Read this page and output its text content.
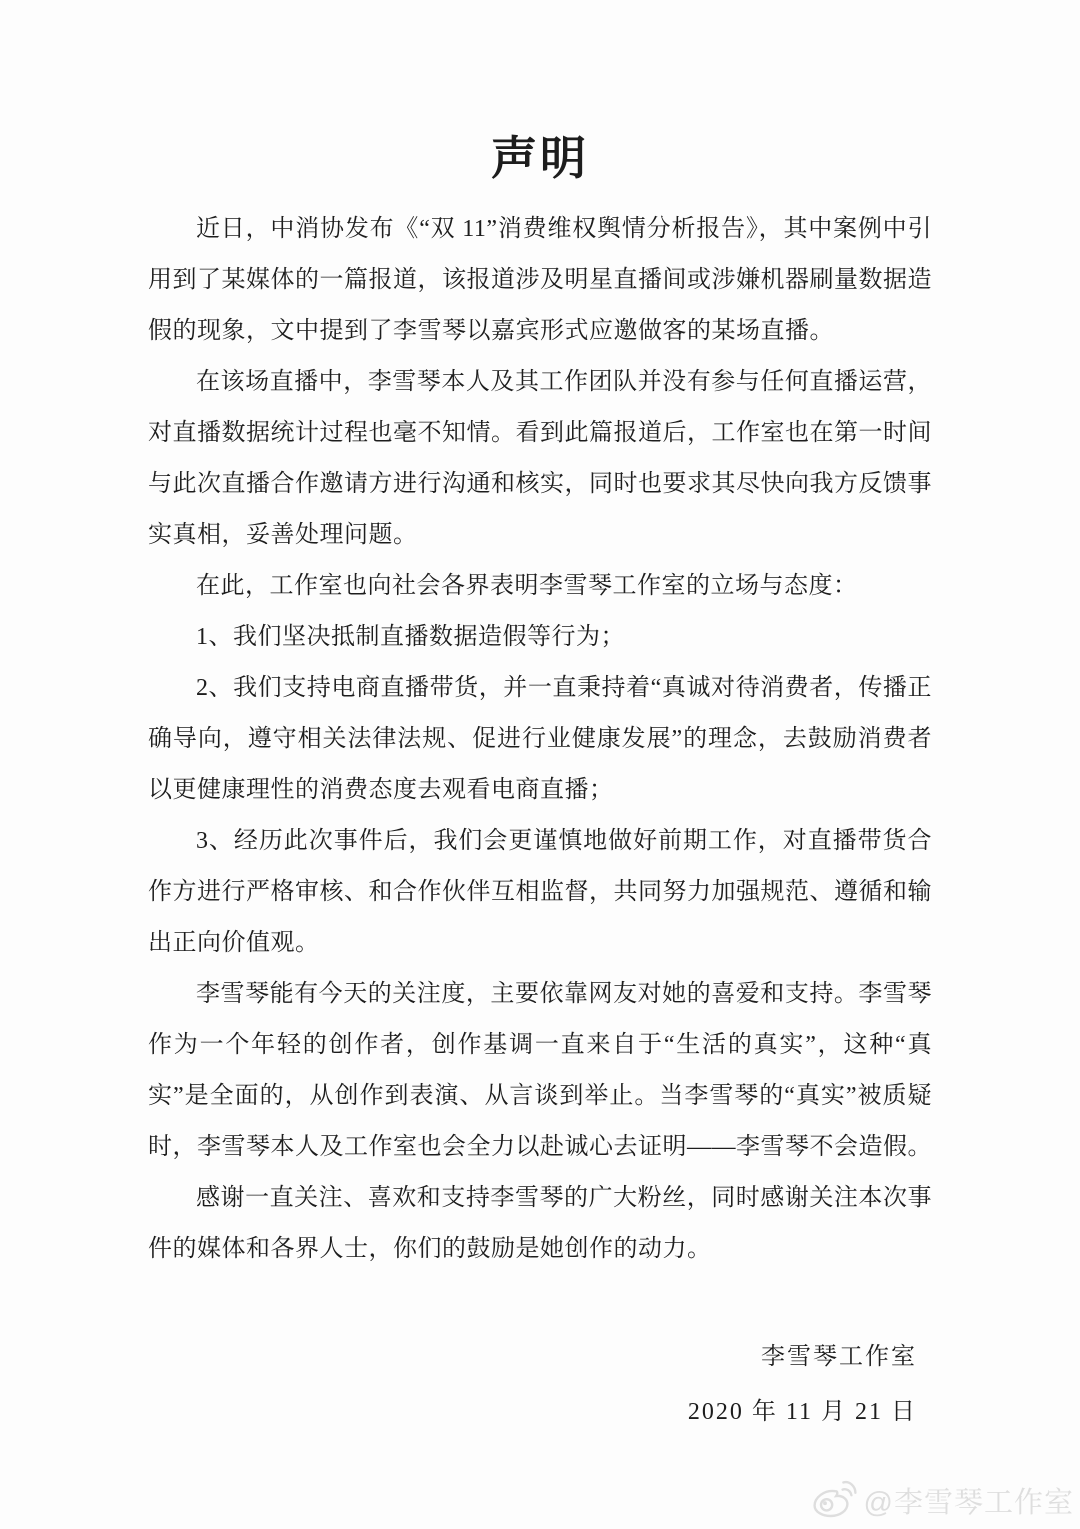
声明

近日，中消协发布《“双 11”消费维权舆情分析报告》，其中案例中引用到了某媒体的一篇报道，该报道涉及明星直播间或涉嫌机器刷量数据造假的现象，文中提到了李雪琴以嘉宾形式应邀做客的某场直播。

在该场直播中，李雪琴本人及其工作团队并没有参与任何直播运营，对直播数据统计过程也毫不知情。看到此篇报道后，工作室也在第一时间与此次直播合作邀请方进行沟通和核实，同时也要求其尽快向我方反馈事实真相，妥善处理问题。

在此，工作室也向社会各界表明李雪琴工作室的立场与态度：

1、我们坚决抵制直播数据造假等行为；

2、我们支持电商直播带货，并一直秉持着“真诚对待消费者，传播正确导向，遵守相关法律法规、促进行业健康发展”的理念，去鼓励消费者以更健康理性的消费态度去观看电商直播；

3、经历此次事件后，我们会更谨慎地做好前期工作，对直播带货合作方进行严格审核、和合作伙伴互相监督，共同努力加强规范、遵循和输出正向价值观。

李雪琴能有今天的关注度，主要依靠网友对她的喜爱和支持。李雪琴作为一个年轻的创作者，创作基调一直来自于“生活的真实”，这种“真实”是全面的，从创作到表演、从言谈到举止。当李雪琴的“真实”被质疑时，李雪琴本人及工作室也会全力以赴诚心去证明——李雪琴不会造假。

感谢一直关注、喜欢和支持李雪琴的广大粉丝，同时感谢关注本次事件的媒体和各界人士，你们的鼓励是她创作的动力。

李雪琴工作室
2020 年 11 月 21 日
@李雪琴工作室
